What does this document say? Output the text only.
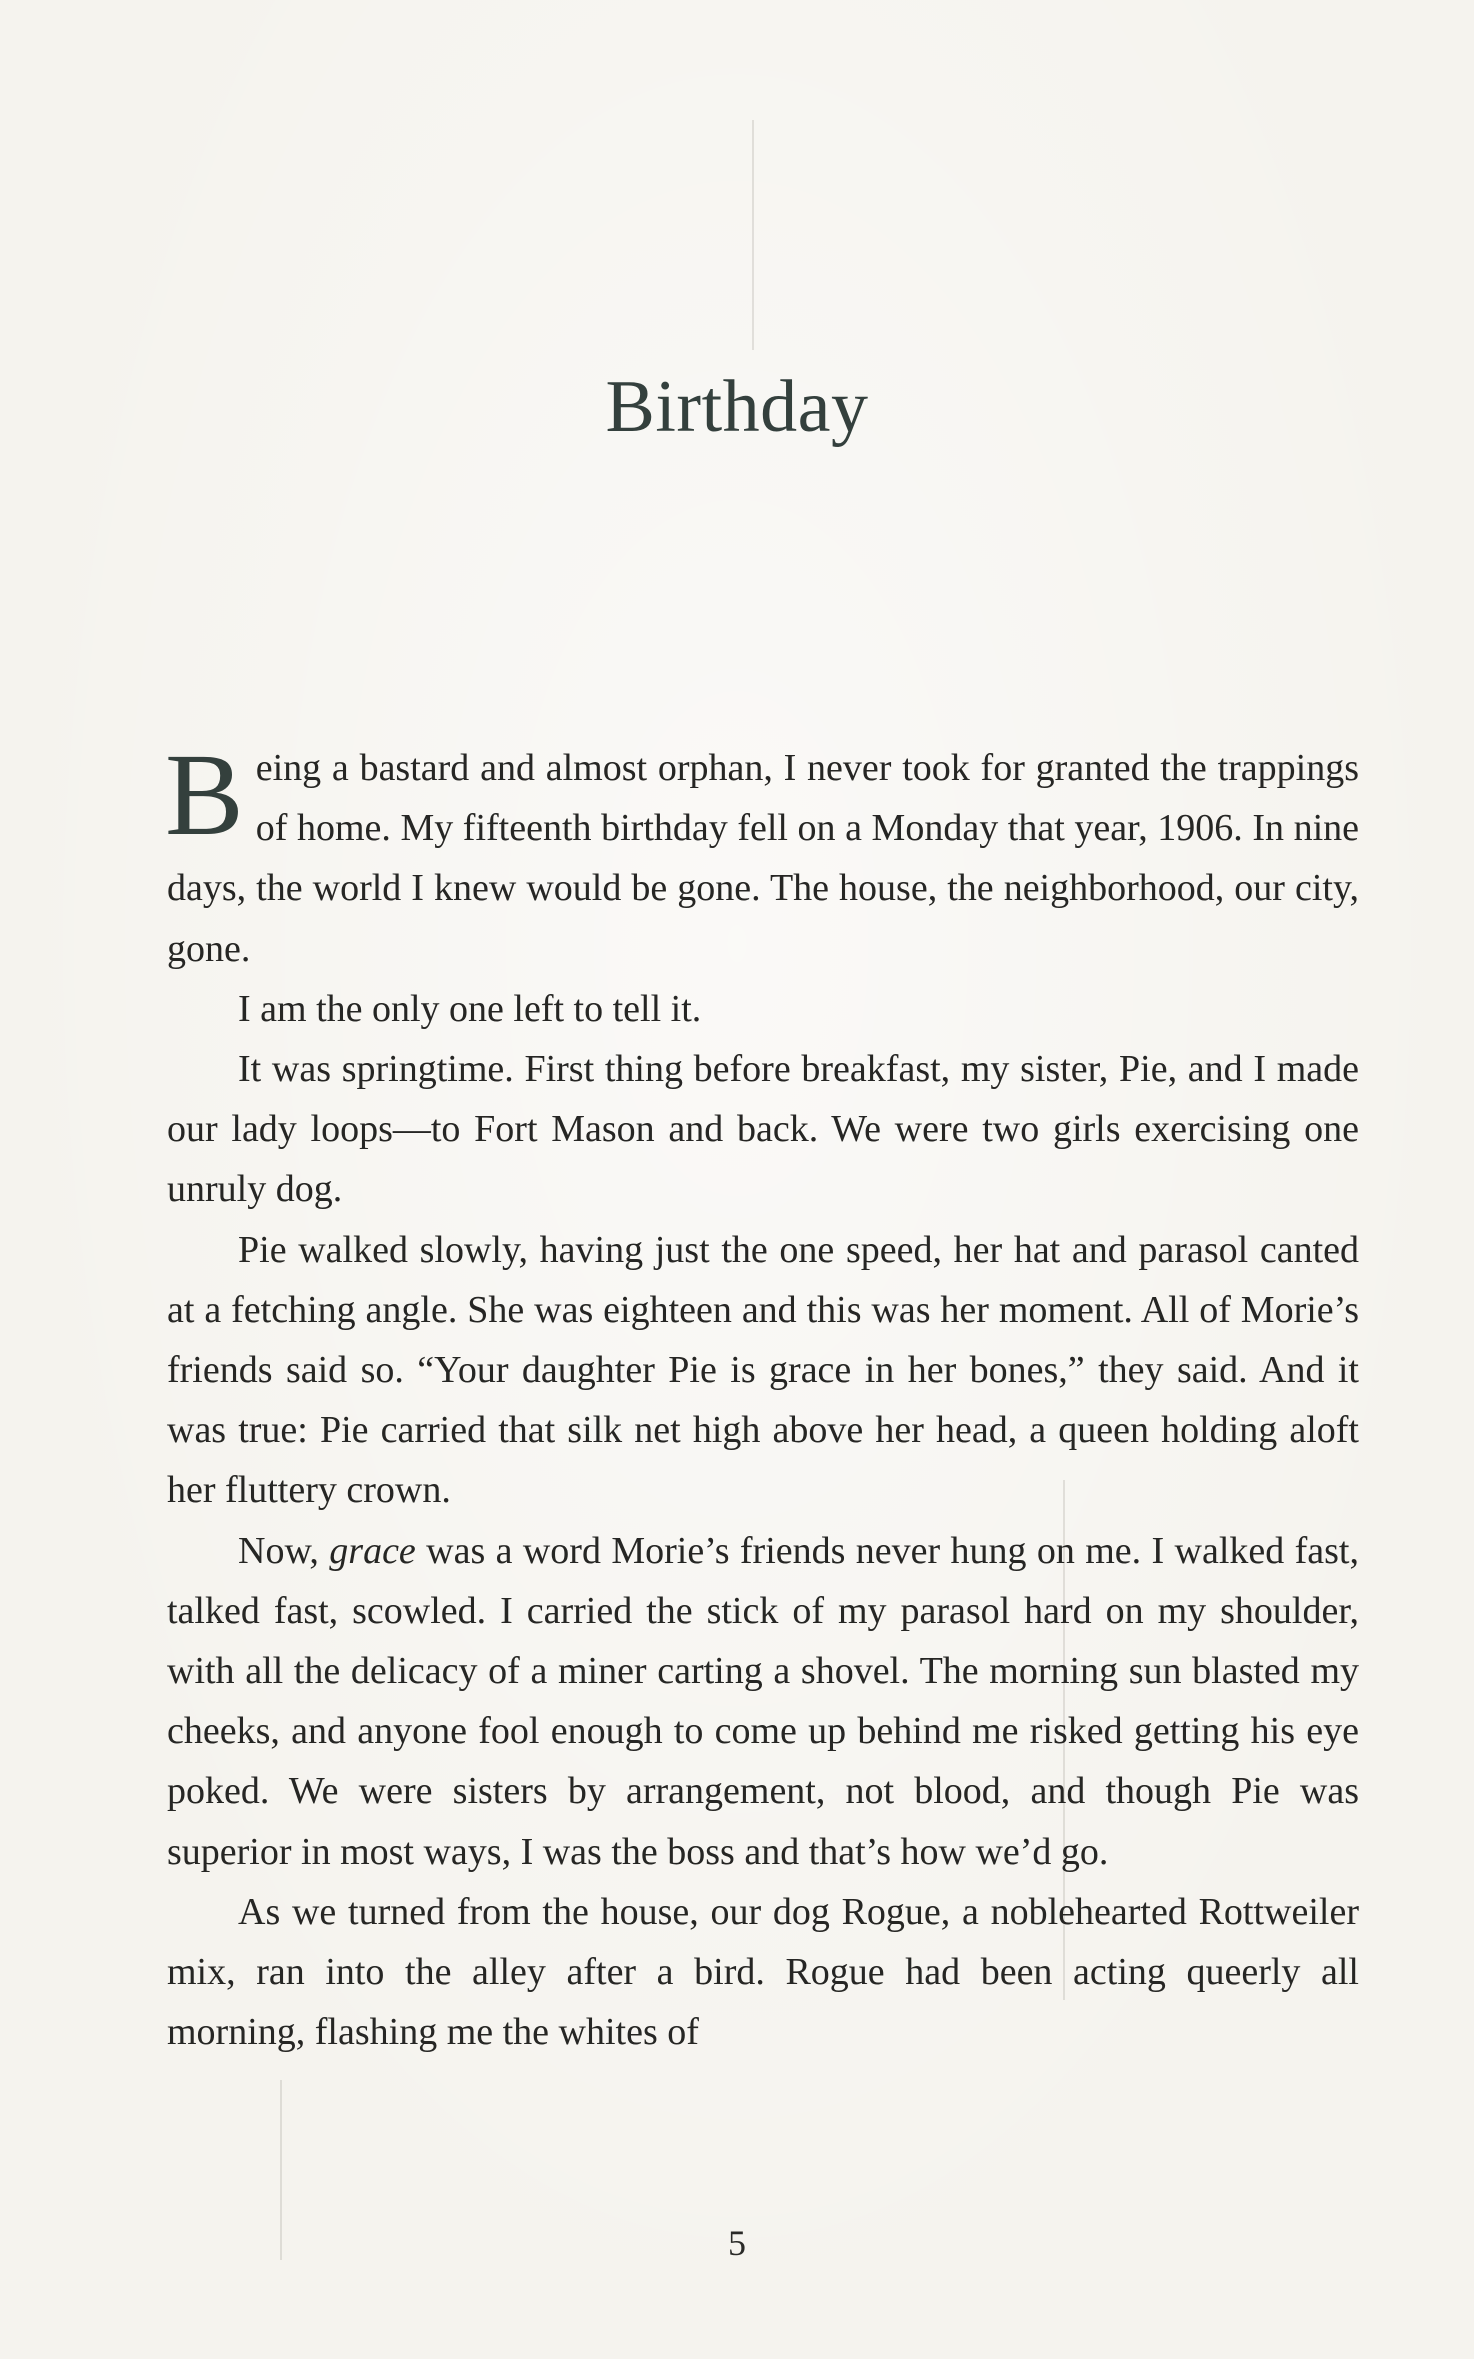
Birthday

Being a bastard and almost orphan, I never took for granted the trappings of home. My fifteenth birthday fell on a Monday that year, 1906. In nine days, the world I knew would be gone. The house, the neighborhood, our city, gone.

I am the only one left to tell it.

It was springtime. First thing before breakfast, my sister, Pie, and I made our lady loops—to Fort Mason and back. We were two girls exercising one unruly dog.

Pie walked slowly, having just the one speed, her hat and parasol canted at a fetching angle. She was eighteen and this was her moment. All of Morie’s friends said so. “Your daughter Pie is grace in her bones,” they said. And it was true: Pie carried that silk net high above her head, a queen holding aloft her fluttery crown.

Now, grace was a word Morie’s friends never hung on me. I walked fast, talked fast, scowled. I carried the stick of my parasol hard on my shoulder, with all the delicacy of a miner carting a shovel. The morning sun blasted my cheeks, and anyone fool enough to come up behind me risked getting his eye poked. We were sisters by arrangement, not blood, and though Pie was superior in most ways, I was the boss and that’s how we’d go.

As we turned from the house, our dog Rogue, a noblehearted Rottweiler mix, ran into the alley after a bird. Rogue had been acting queerly all morning, flashing me the whites of

5
